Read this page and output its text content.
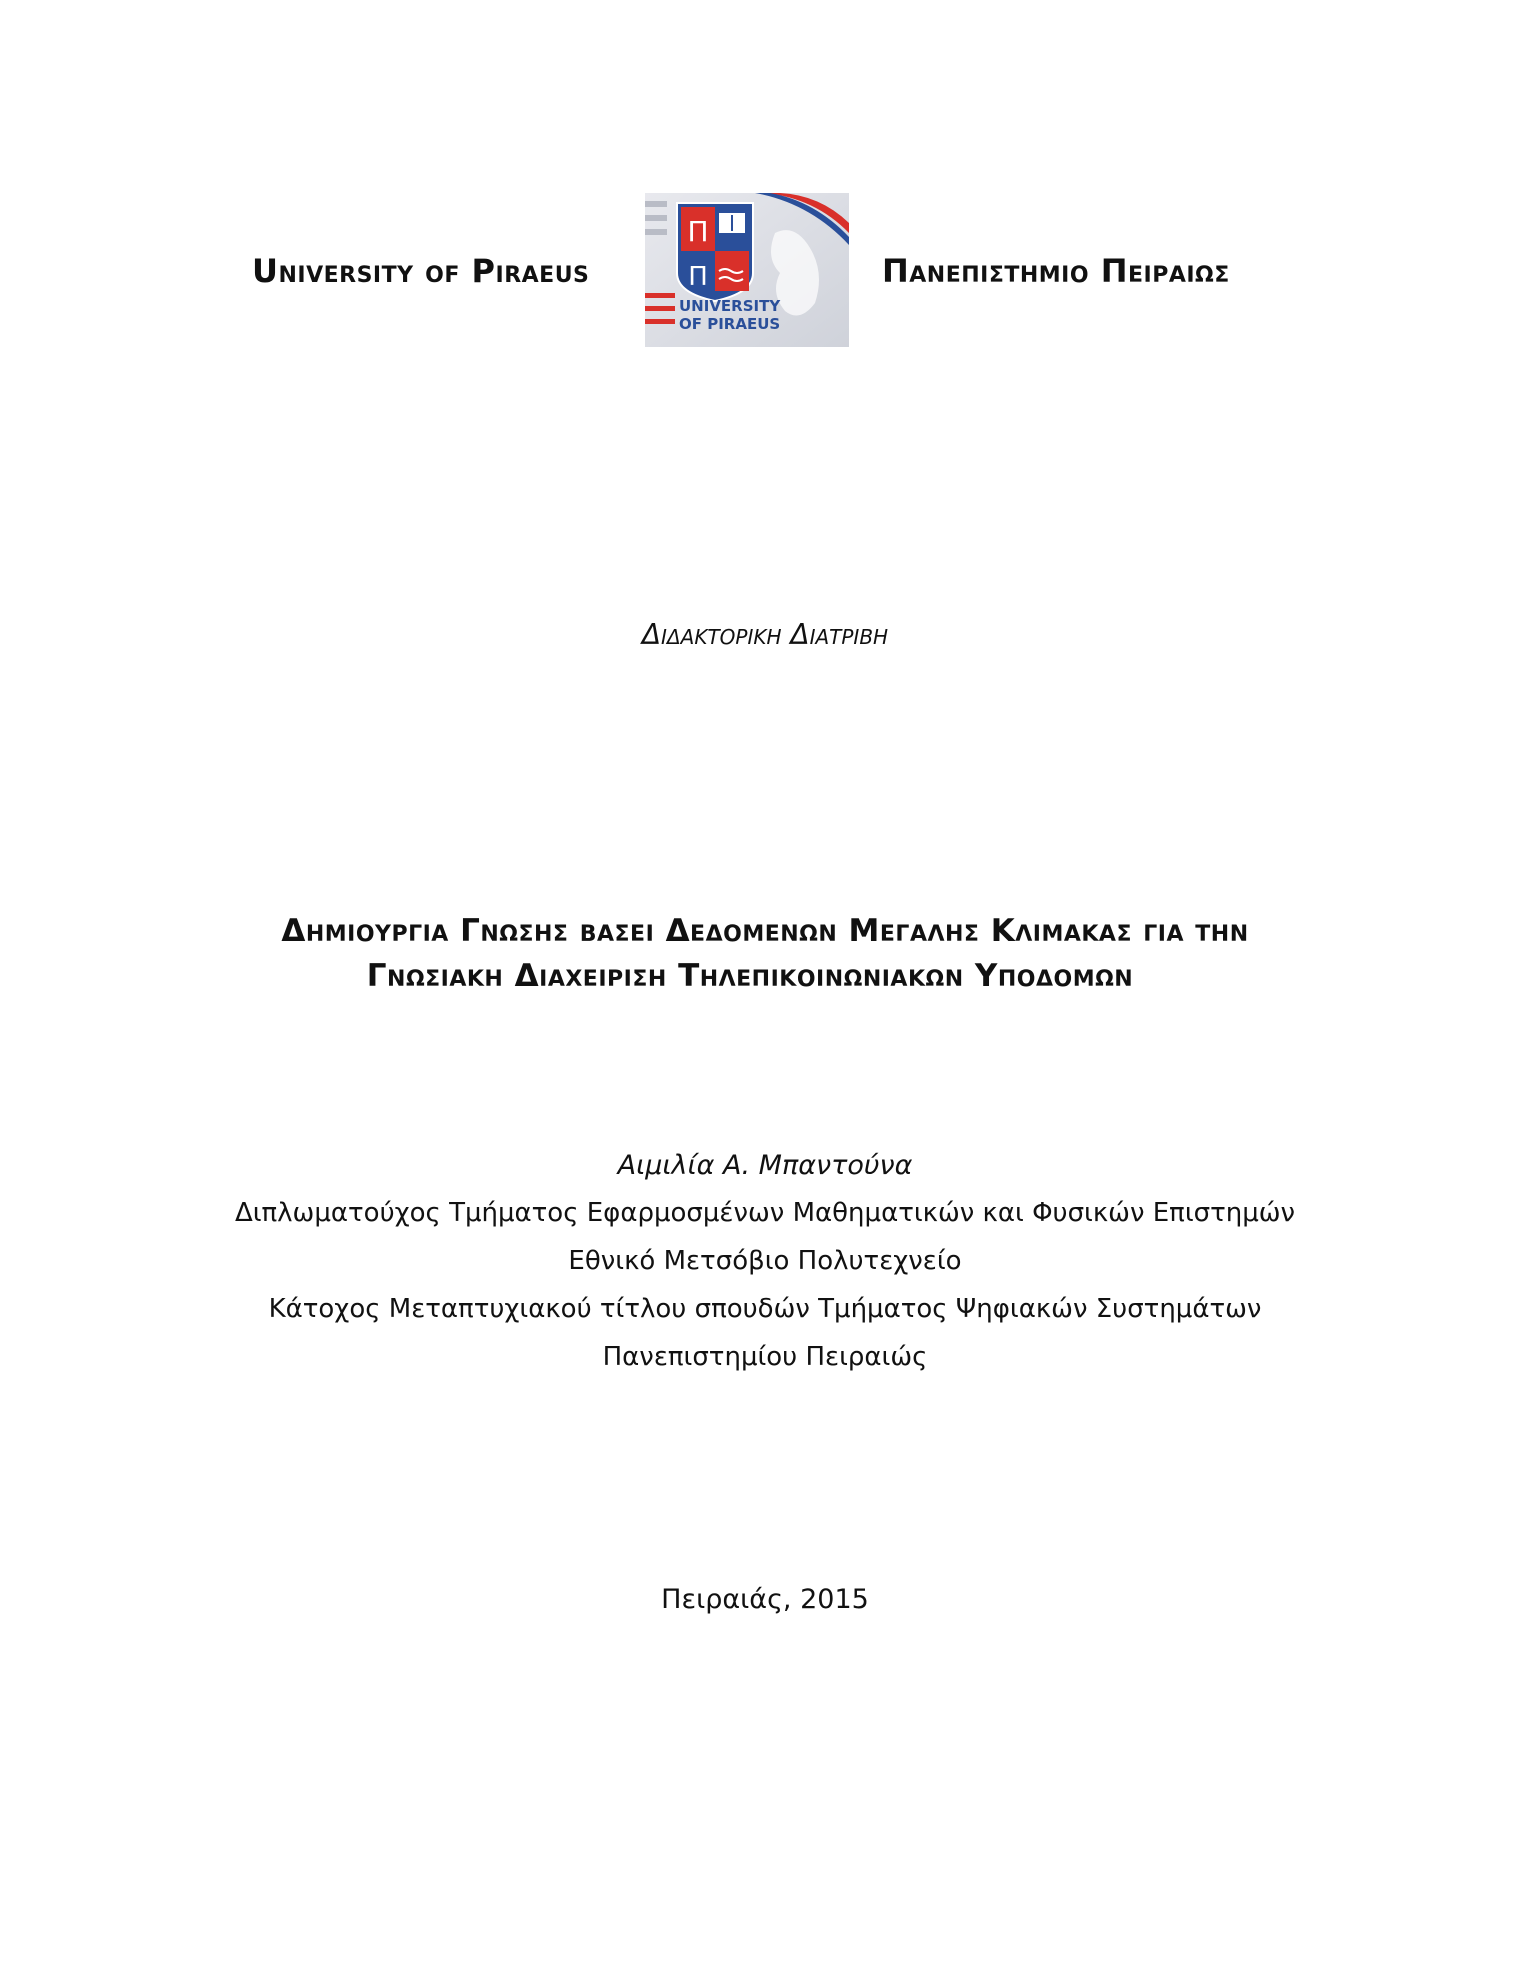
University of Piraeus
Π
Π
UNIVERSITY
OF PIRAEUS
Πανεπιστημιο Πειραιως
Διδακτορικη Διατριβη
Δημιουργια Γνωσης βασει Δεδομενων Μεγαλης Κλιμακας για την
Γνωσιακη Διαχειριση Τηλεπικοινωνιακων Υποδομων
Αιμιλία Α. Μπαντούνα
Διπλωματούχος Τμήματος Εφαρμοσμένων Μαθηματικών και Φυσικών Επιστημών
Εθνικό Μετσόβιο Πολυτεχνείο
Κάτοχος Μεταπτυχιακού τίτλου σπουδών Τμήματος Ψηφιακών Συστημάτων
Πανεπιστημίου Πειραιώς
Πειραιάς, 2015
